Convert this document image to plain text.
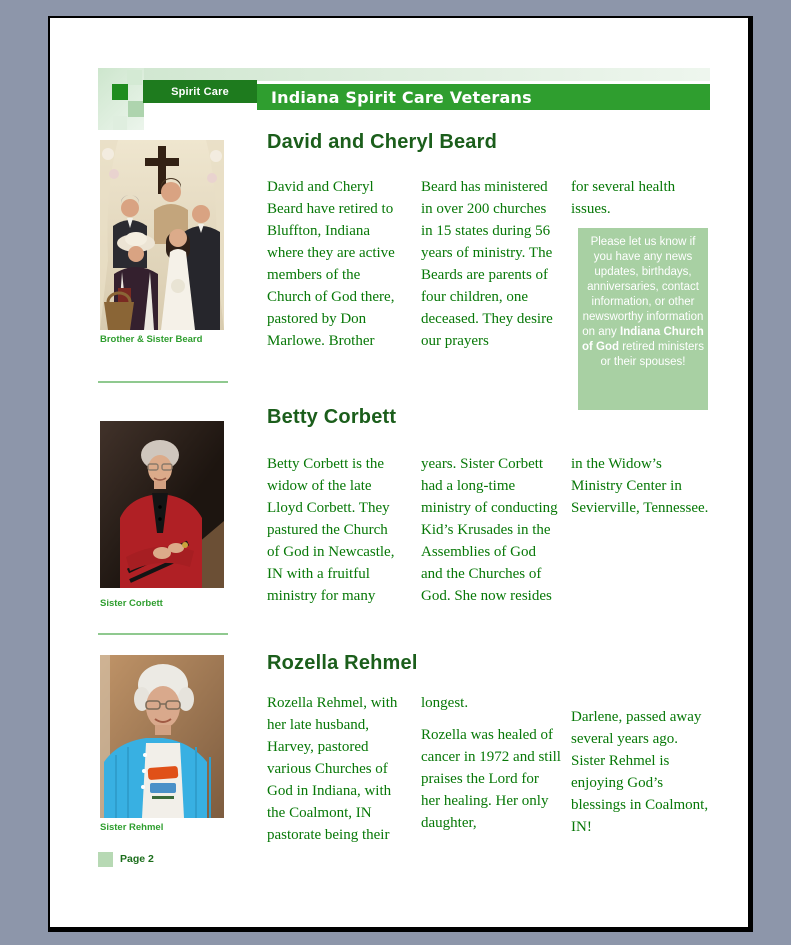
Spirit Care	Indiana Spirit Care Veterans
Brother & Sister Beard
Sister Corbett
Sister Rehmel
David and Cheryl Beard

David and Cheryl Beard have retired to Bluffton, Indiana where they are active members of the Church of God there, pastored by Don Marlowe. Brother

Beard has ministered in over 200 churches in 15 states during 56 years of ministry. The Beards are parents of four children, one deceased. They desire our prayers

for several health issues.

Please let us know if you have any news updates, birthdays, anniversaries, contact information, or other newsworthy information on any Indiana Church of God retired ministers or their spouses!
Betty Corbett

Betty Corbett is the widow of the late Lloyd Corbett. They pastured the Church of God in Newcastle, IN with a fruitful ministry for many

years. Sister Corbett had a long-time ministry of conducting Kid’s Krusades in the Assemblies of God and the Churches of God. She now resides

in the Widow’s Ministry Center in Sevierville, Tennessee.

Rozella Rehmel

Rozella Rehmel, with her late husband, Harvey, pastored various Churches of God in Indiana, with the Coalmont, IN pastorate being their

longest.

Rozella was healed of cancer in 1972 and still praises the Lord for her healing. Her only daughter,

Darlene, passed away several years ago. Sister Rehmel is enjoying God’s blessings in Coalmont, IN!

Page 2
